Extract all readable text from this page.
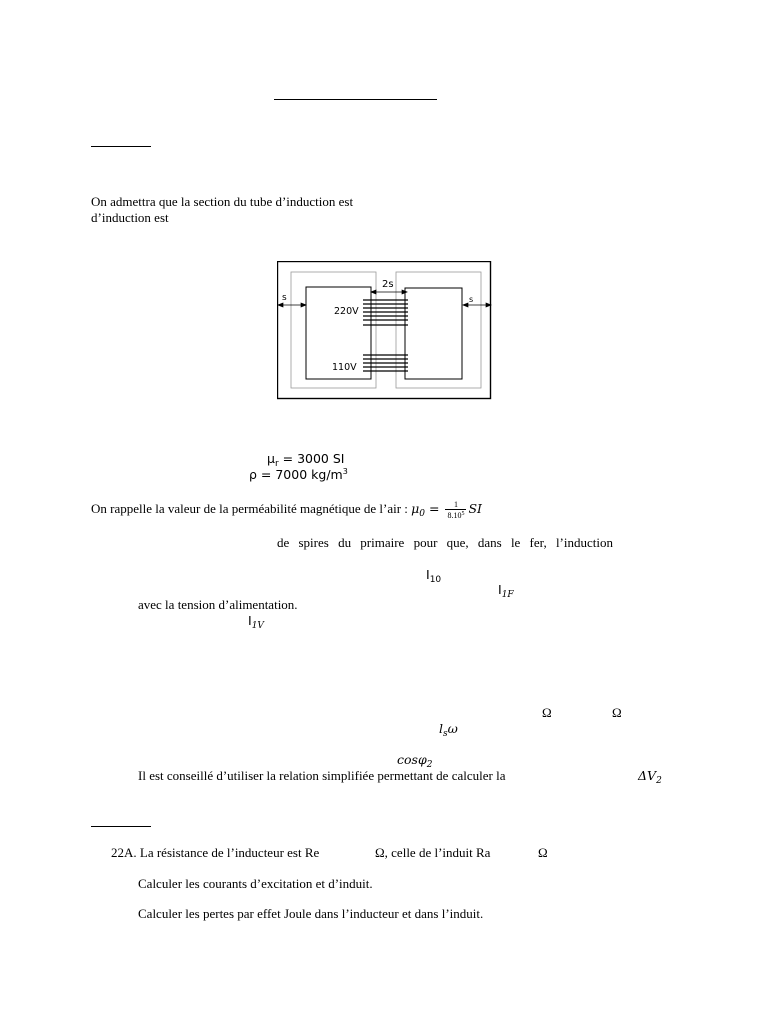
On admettra que la section du tube d’induction est
d’induction est
2s
s	s
220V
110V
$\mu_r = 3000$ SI
ρ = 7000 $kg/m^3$
On rappelle la valeur de la perméabilité magnétique de l’air : $\mu_0 = \frac{1}{8.10^5}$ SI
de spires du primaire pour que, dans le fer, l’induction
$I_{10}$
$I_{1F}$
avec la tension d’alimentation.
$I_{1V}$
Ω	Ω
$l_s\omega$
cosφ$_2$
Il est conseillé d’utiliser la relation simplifiée permettant de calculer la	$\Delta V_2$
22A. La résistance de l’inducteur est Re	Ω, celle de l’induit Ra	Ω
Calculer les courants d’excitation et d’induit.
Calculer les pertes par effet Joule dans l’inducteur et dans l’induit.
